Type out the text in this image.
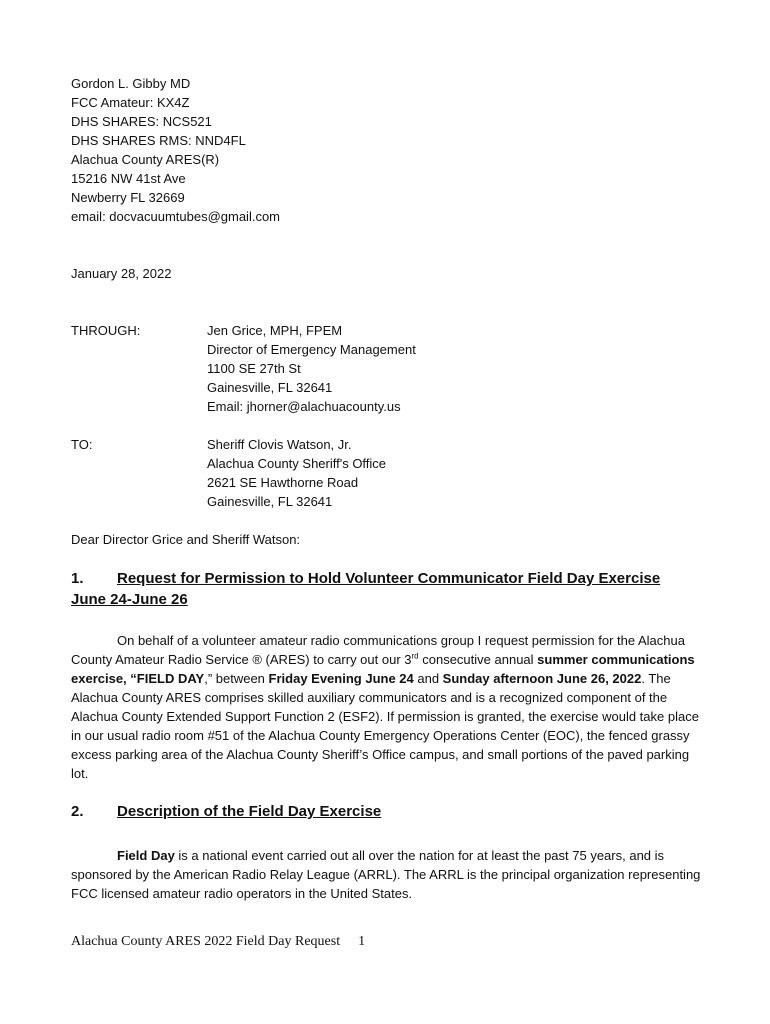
Gordon L. Gibby MD
FCC Amateur: KX4Z
DHS SHARES: NCS521
DHS SHARES RMS: NND4FL
Alachua County ARES(R)
15216 NW 41st Ave
Newberry FL 32669
email: docvacuumtubes@gmail.com
January 28, 2022
THROUGH:	Jen Grice, MPH, FPEM
Director of Emergency Management
1100 SE 27th St
Gainesville, FL 32641
Email: jhorner@alachuacounty.us
TO:	Sheriff Clovis Watson, Jr.
Alachua County Sheriff's Office
2621 SE Hawthorne Road
Gainesville, FL 32641
Dear Director Grice and Sheriff Watson:
1. Request for Permission to Hold Volunteer Communicator Field Day Exercise
June 24-June 26
On behalf of a volunteer amateur radio communications group I request permission for the Alachua County Amateur Radio Service ® (ARES) to carry out our 3rd consecutive annual summer communications exercise, “FIELD DAY,” between Friday Evening June 24 and Sunday afternoon June 26, 2022. The Alachua County ARES comprises skilled auxiliary communicators and is a recognized component of the Alachua County Extended Support Function 2 (ESF2). If permission is granted, the exercise would take place in our usual radio room #51 of the Alachua County Emergency Operations Center (EOC), the fenced grassy excess parking area of the Alachua County Sheriff’s Office campus, and small portions of the paved parking lot.
2. Description of the Field Day Exercise
Field Day is a national event carried out all over the nation for at least the past 75 years, and is sponsored by the American Radio Relay League (ARRL). The ARRL is the principal organization representing FCC licensed amateur radio operators in the United States.
Alachua County ARES 2022 Field Day Request 1
